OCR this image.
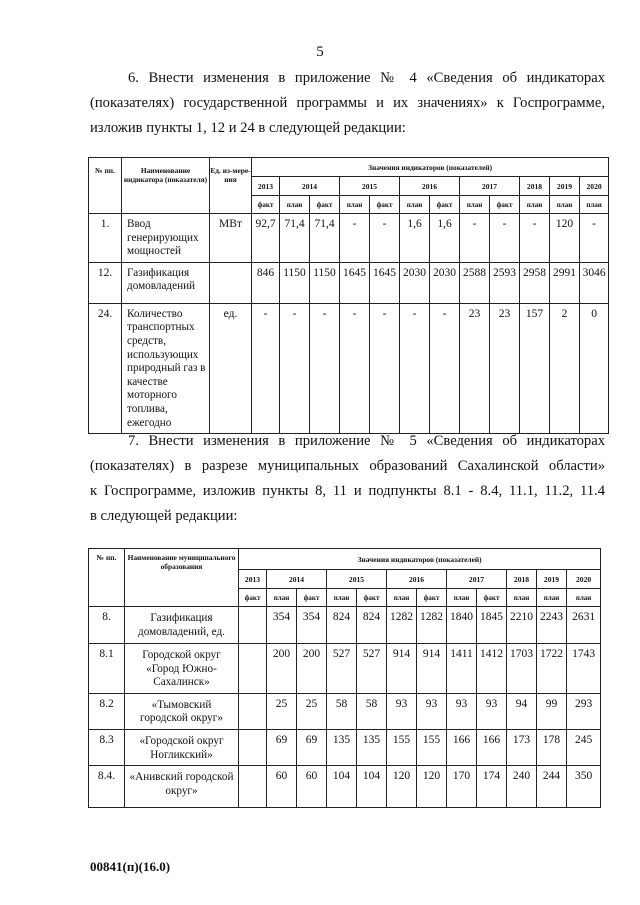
5
6. Внести изменения в приложение № 4 «Сведения об индикаторах
(показателях) государственной программы и их значениях» к Госпрограмме,
изложив пункты 1, 12 и 24 в следующей редакции:
№ пп.	Наименование индикатора (показателя)	Ед. из-мере-ния	Значения индикаторов (показателей)											
			2013	2014		2015		2016		2017		2018	2019	2020
			факт	план	факт	план	факт	план	факт	план	факт	план	план	план
1.	Ввод генерирующих мощностей	МВт	92,7	71,4	71,4	-	-	1,6	1,6	-	-	-	120	-
12.	Газификация домовладений		846	1150	1150	1645	1645	2030	2030	2588	2593	2958	2991	3046
24.	Количество транспортных средств, использующих природный газ в качестве моторного топлива, ежегодно	ед.	-	-	-	-	-	-	-	23	23	157	2	0
7. Внести изменения в приложение № 5 «Сведения об индикаторах
(показателях) в разрезе муниципальных образований Сахалинской области»
к Госпрограмме, изложив пункты 8, 11 и подпункты 8.1 - 8.4, 11.1, 11.2, 11.4
в следующей редакции:
№ пп.	Наименование муниципального образования	Значения индикаторов (показателей)											
		2013	2014		2015		2016		2017		2018	2019	2020
		факт	план	факт	план	факт	план	факт	план	факт	план	план	план
8.	Газификация домовладений, ед.		354	354	824	824	1282	1282	1840	1845	2210	2243	2631
8.1	Городской округ «Город Южно-Сахалинск»		200	200	527	527	914	914	1411	1412	1703	1722	1743
8.2	«Тымовский городской округ»		25	25	58	58	93	93	93	93	94	99	293
8.3	«Городской округ Ногликский»		69	69	135	135	155	155	166	166	173	178	245
8.4.	«Анивский городской округ»		60	60	104	104	120	120	170	174	240	244	350
00841(п)(16.0)
